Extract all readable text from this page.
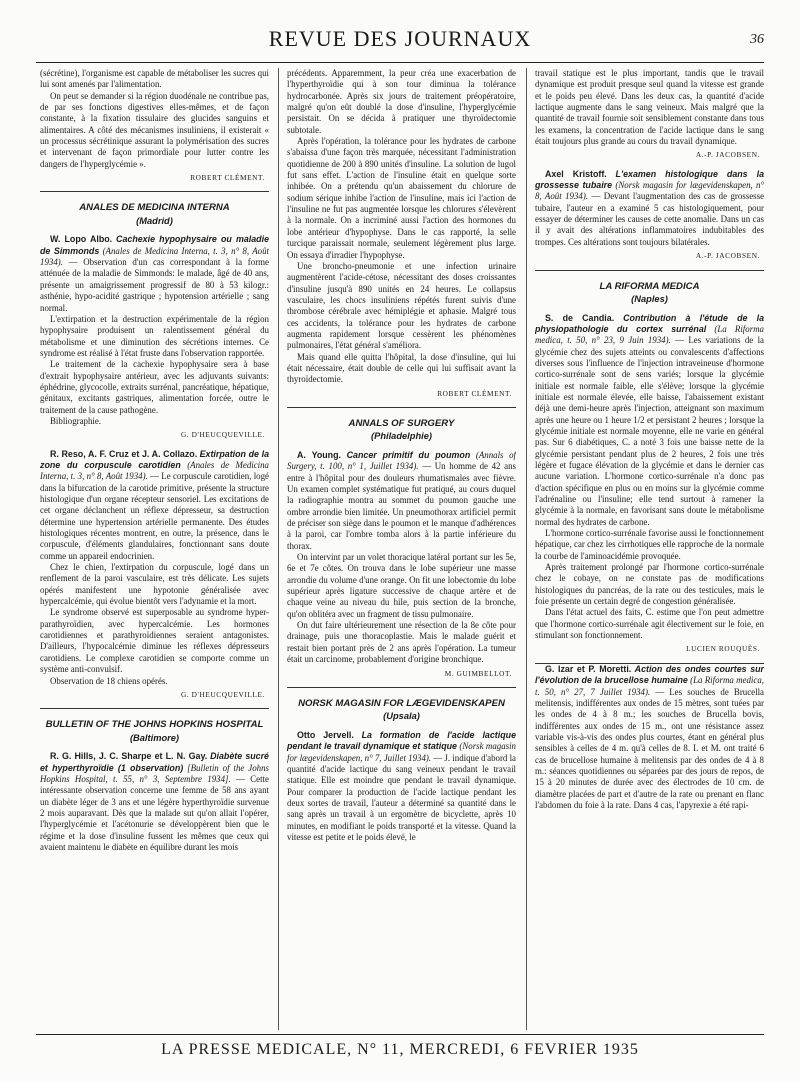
REVUE DES JOURNAUX	36

(sécrétine), l'organisme est capable de métaboliser les sucres qui lui sont amenés par l'alimentation.

On peut se demander si la région duodénale ne contribue pas, de par ses fonctions digestives elles-mêmes, et de façon constante, à la fixation tissulaire des glucides sanguins et alimentaires. A côté des mécanismes insuliniens, il existerait « un processus sécrétinique assurant la polymérisation des sucres et intervenant de façon primordiale pour lutter contre les dangers de l'hyperglycémie ».

ROBERT CLÉMENT.
ANALES DE MEDICINA INTERNA
(Madrid)

W. Lopo Albo. Cachexie hypophysaire ou maladie de Simmonds (Anales de Medicina Interna, t. 3, n° 8, Août 1934). — Observation d'un cas correspondant à la forme atténuée de la maladie de Simmonds: le malade, âgé de 40 ans, présente un amaigrissement progressif de 80 à 53 kilogr.: asthénie, hypo-acidité gastrique ; hypotension artérielle ; sang normal.

L'extirpation et la destruction expérimentale de la région hypophysaire produisent un ralentissement général du métabolisme et une diminution des sécrétions internes. Ce syndrome est réalisé à l'état fruste dans l'observation rapportée.

Le traitement de la cachexie hypophysaire sera à base d'extrait hypophysaire antérieur, avec les adjuvants suivants: éphédrine, glycocolle, extraits surrénal, pancréatique, hépatique, génitaux, excitants gastriques, alimentation forcée, outre le traitement de la cause pathogène.

Bibliographie.

G. D'HEUCQUEVILLE.

R. Reso, A. F. Cruz et J. A. Collazo. Extirpation de la zone du corpuscule carotidien (Anales de Medicina Interna, t. 3, n° 8, Août 1934). — Le corpuscule carotidien, logé dans la bifurcation de la carotide primitive, présente la structure histologique d'un organe récepteur sensoriel. Les excitations de cet organe déclanchent un réflexe dépresseur, sa destruction détermine une hypertension artérielle permanente. Des études histologiques récentes montrent, en outre, la présence, dans le corpuscule, d'éléments glandulaires, fonctionnant sans doute comme un appareil endocrinien.

Chez le chien, l'extirpation du corpuscule, logé dans un renflement de la paroi vasculaire, est très délicate. Les sujets opérés manifestent une hypotonie généralisée avec hypercalcémie, qui évolue bientôt vers l'adynamie et la mort.

Le syndrome observé est superposable au syndrome hyper-parathyroïdien, avec hypercalcémie. Les hormones carotidiennes et parathyroïdiennes seraient antagonistes. D'ailleurs, l'hypocalcémie diminue les réflexes dépresseurs carotidiens. Le complexe carotidien se comporte comme un système anti-convulsif.

Observation de 18 chiens opérés.

G. D'HEUCQUEVILLE.
BULLETIN OF THE JOHNS HOPKINS HOSPITAL
(Baltimore)

R. G. Hills, J. C. Sharpe et L. N. Gay. Diabète sucré et hyperthyroïdie (1 observation) [Bulletin of the Johns Hopkins Hospital, t. 55, n° 3, Septembre 1934]. — Cette intéressante observation concerne une femme de 58 ans ayant un diabète léger de 3 ans et une légère hyperthyroïdie survenue 2 mois auparavant. Dès que la malade sut qu'on allait l'opérer, l'hyperglycémie et l'acétonurie se développèrent bien que le régime et la dose d'insuline fussent les mêmes que ceux qui avaient maintenu le diabète en équilibre durant les mois

précédents. Apparemment, la peur créa une exacerbation de l'hyperthyroïdie qui à son tour diminua la tolérance hydrocarbonée. Après six jours de traitement préopératoire, malgré qu'on eût doublé la dose d'insuline, l'hyperglycémie persistait. On se décida à pratiquer une thyroïdectomie subtotale.

Après l'opération, la tolérance pour les hydrates de carbone s'abaissa d'une façon très marquée, nécessitant l'administration quotidienne de 200 à 890 unités d'insuline. La solution de lugol fut sans effet. L'action de l'insuline était en quelque sorte inhibée. On a prétendu qu'un abaissement du chlorure de sodium sérique inhibe l'action de l'insuline, mais ici l'action de l'insuline ne fut pas augmentée lorsque les chlorures s'élevèrent à la normale. On a incriminé aussi l'action des hormones du lobe antérieur d'hypophyse. Dans le cas rapporté, la selle turcique paraissait normale, seulement légèrement plus large. On essaya d'irradier l'hypophyse.

Une broncho-pneumonie et une infection urinaire augmentèrent l'acide-cétose, nécessitant des doses croissantes d'insuline jusqu'à 890 unités en 24 heures. Le collapsus vasculaire, les chocs insuliniens répétés furent suivis d'une thrombose cérébrale avec hémiplégie et aphasie. Malgré tous ces accidents, la tolérance pour les hydrates de carbone augmenta rapidement lorsque cessèrent les phénomènes pulmonaires, l'état général s'améliora.

Mais quand elle quitta l'hôpital, la dose d'insuline, qui lui était nécessaire, était double de celle qui lui suffisait avant la thyroïdectomie.

ROBERT CLÉMENT.
ANNALS OF SURGERY
(Philadelphie)

A. Young. Cancer primitif du poumon (Annals of Surgery, t. 100, n° 1, Juillet 1934). — Un homme de 42 ans entre à l'hôpital pour des douleurs rhumatismales avec fièvre. Un examen complet systématique fut pratiqué, au cours duquel la radiographie montra au sommet du poumon gauche une ombre arrondie bien limitée. Un pneumothorax artificiel permit de préciser son siège dans le poumon et le manque d'adhérences à la paroi, car l'ombre tomba alors à la partie inférieure du thorax.

On intervint par un volet thoracique latéral portant sur les 5e, 6e et 7e côtes. On trouva dans le lobe supérieur une masse arrondie du volume d'une orange. On fit une lobectomie du lobe supérieur après ligature successive de chaque artère et de chaque veine au niveau du hile, puis section de la bronche, qu'on oblitéra avec un fragment de tissu pulmonaire.

On dut faire ultérieurement une résection de la 8e côte pour drainage, puis une thoracoplastie. Mais le malade guérit et restait bien portant près de 2 ans après l'opération. La tumeur était un carcinome, probablement d'origine bronchique.

M. GUIMBELLOT.
NORSK MAGASIN FOR LÆGEVIDENSKAPEN
(Upsala)

Otto Jervell. La formation de l'acide lactique pendant le travail dynamique et statique (Norsk magasin for lægevidenskapen, n° 7, Juillet 1934). — J. indique d'abord la quantité d'acide lactique du sang veineux pendant le travail statique. Elle est moindre que pendant le travail dynamique. Pour comparer la production de l'acide lactique pendant les deux sortes de travail, l'auteur a déterminé sa quantité dans le sang après un travail à un ergomètre de bicyclette, après 10 minutes, en modifiant le poids transporté et la vitesse. Quand la vitesse est petite et le poids élevé, le

travail statique est le plus important, tandis que le travail dynamique est produit presque seul quand la vitesse est grande et le poids peu élevé. Dans les deux cas, la quantité d'acide lactique augmente dans le sang veineux. Mais malgré que la quantité de travail fournie soit sensiblement constante dans tous les examens, la concentration de l'acide lactique dans le sang était toujours plus grande au cours du travail dynamique.

A.-P. JACOBSEN.

Axel Kristoff. L'examen histologique dans la grossesse tubaire (Norsk magasin for lægevidenskapen, n° 8, Août 1934). — Devant l'augmentation des cas de grossesse tubaire, l'auteur en a examiné 5 cas histologiquement, pour essayer de déterminer les causes de cette anomalie. Dans un cas il y avait des altérations inflammatoires indubitables des trompes. Ces altérations sont toujours bilatérales.

A.-P. JACOBSEN.
LA RIFORMA MEDICA
(Naples)

S. de Candia. Contribution à l'étude de la physiopathologie du cortex surrénal (La Riforma medica, t. 50, n° 23, 9 Juin 1934). — Les variations de la glycémie chez des sujets atteints ou convalescents d'affections diverses sous l'influence de l'injection intraveineuse d'hormone cortico-surrénale sont de sens variés; lorsque la glycémie initiale est normale faible, elle s'élève; lorsque la glycémie initiale est normale élevée, elle baisse, l'abaissement existant déjà une demi-heure après l'injection, atteignant son maximum après une heure ou 1 heure 1/2 et persistant 2 heures ; lorsque la glycémie initiale est normale moyenne, elle ne varie en général pas. Sur 6 diabétiques, C. a noté 3 fois une baisse nette de la glycémie persistant pendant plus de 2 heures, 2 fois une très légère et fugace élévation de la glycémie et dans le dernier cas aucune variation. L'hormone cortico-surrénale n'a donc pas d'action spécifique en plus ou en moins sur la glycémie comme l'adrénaline ou l'insuline; elle tend surtout à ramener la glycémie à la normale, en favorisant sans doute le métabolisme normal des hydrates de carbone.

L'hormone cortico-surrénale favorise aussi le fonctionnement hépatique, car chez les cirrhotiques elle rapproche de la normale la courbe de l'aminoacidémie provoquée.

Après traitement prolongé par l'hormone cortico-surrénale chez le cobaye, on ne constate pas de modifications histologiques du pancréas, de la rate ou des testicules, mais le foie présente un certain degré de congestion généralisée.

Dans l'état actuel des faits, C. estime que l'on peut admettre que l'hormone cortico-surrénale agit électivement sur le foie, en stimulant son fonctionnement.

LUCIEN ROUQUÈS.

G. Izar et P. Moretti. Action des ondes courtes sur l'évolution de la brucellose humaine (La Riforma medica, t. 50, n° 27, 7 Juillet 1934). — Les souches de Brucella melitensis, indifférentes aux ondes de 15 mètres, sont tuées par les ondes de 4 à 8 m.; les souches de Brucella bovis, indifférentes aux ondes de 15 m., ont une résistance assez variable vis-à-vis des ondes plus courtes, étant en général plus sensibles à celles de 4 m. qu'à celles de 8. I. et M. ont traité 6 cas de brucellose humaine à melitensis par des ondes de 4 à 8 m.: séances quotidiennes ou séparées par des jours de repos, de 15 à 20 minutes de durée avec des électrodes de 10 cm. de diamètre placées de part et d'autre de la rate ou prenant en flanc l'abdomen du foie à la rate. Dans 4 cas, l'apyrexie a été rapi-

LA PRESSE MEDICALE, N° 11, MERCREDI, 6 FEVRIER 1935
